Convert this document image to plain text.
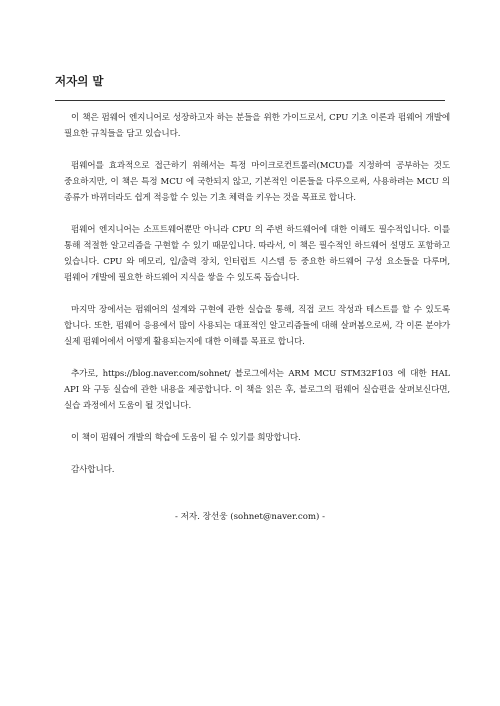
저자의 말

이 책은 펌웨어 엔지니어로 성장하고자 하는 분들을 위한 가이드로서, CPU 기초 이론과 펌웨어 개발에 필요한 규칙들을 담고 있습니다.

펌웨어를 효과적으로 접근하기 위해서는 특정 마이크로컨트롤러(MCU)를 지정하여 공부하는 것도 중요하지만, 이 책은 특정 MCU 에 국한되지 않고, 기본적인 이론들을 다루으로써, 사용하려는 MCU 의 종류가 바뀌더라도 쉽게 적응할 수 있는 기초 체력을 키우는 것을 목표로 합니다.

펌웨어 엔지니어는 소프트웨어뿐만 아니라 CPU 의 주변 하드웨어에 대한 이해도 필수적입니다. 이를 통해 적절한 알고리즘을 구현할 수 있기 때문입니다. 따라서, 이 책은 필수적인 하드웨어 설명도 포함하고 있습니다. CPU 와 메모리, 입/출력 장치, 인터럽트 시스템 등 중요한 하드웨어 구성 요소들을 다루며, 펌웨어 개발에 필요한 하드웨어 지식을 쌓을 수 있도록 돕습니다.

마지막 장에서는 펌웨어의 설계와 구현에 관한 실습을 통해, 직접 코드 작성과 테스트를 할 수 있도록 합니다. 또한, 펌웨어 응용에서 많이 사용되는 대표적인 알고리즘들에 대해 살펴봄으로써, 각 이론 분야가 실제 펌웨어에서 어떻게 활용되는지에 대한 이해를 목표로 합니다.

추가로, https://blog.naver.com/sohnet/ 블로그에서는 ARM MCU STM32F103 에 대한 HAL API 와 구동 실습에 관한 내용을 제공합니다. 이 책을 읽은 후, 블로그의 펌웨어 실습편을 살펴보신다면, 실습 과정에서 도움이 될 것입니다.

이 책이 펌웨어 개발의 학습에 도움이 될 수 있기를 희망합니다.

감사합니다.

- 저자. 장선웅 (sohnet@naver.com) -
